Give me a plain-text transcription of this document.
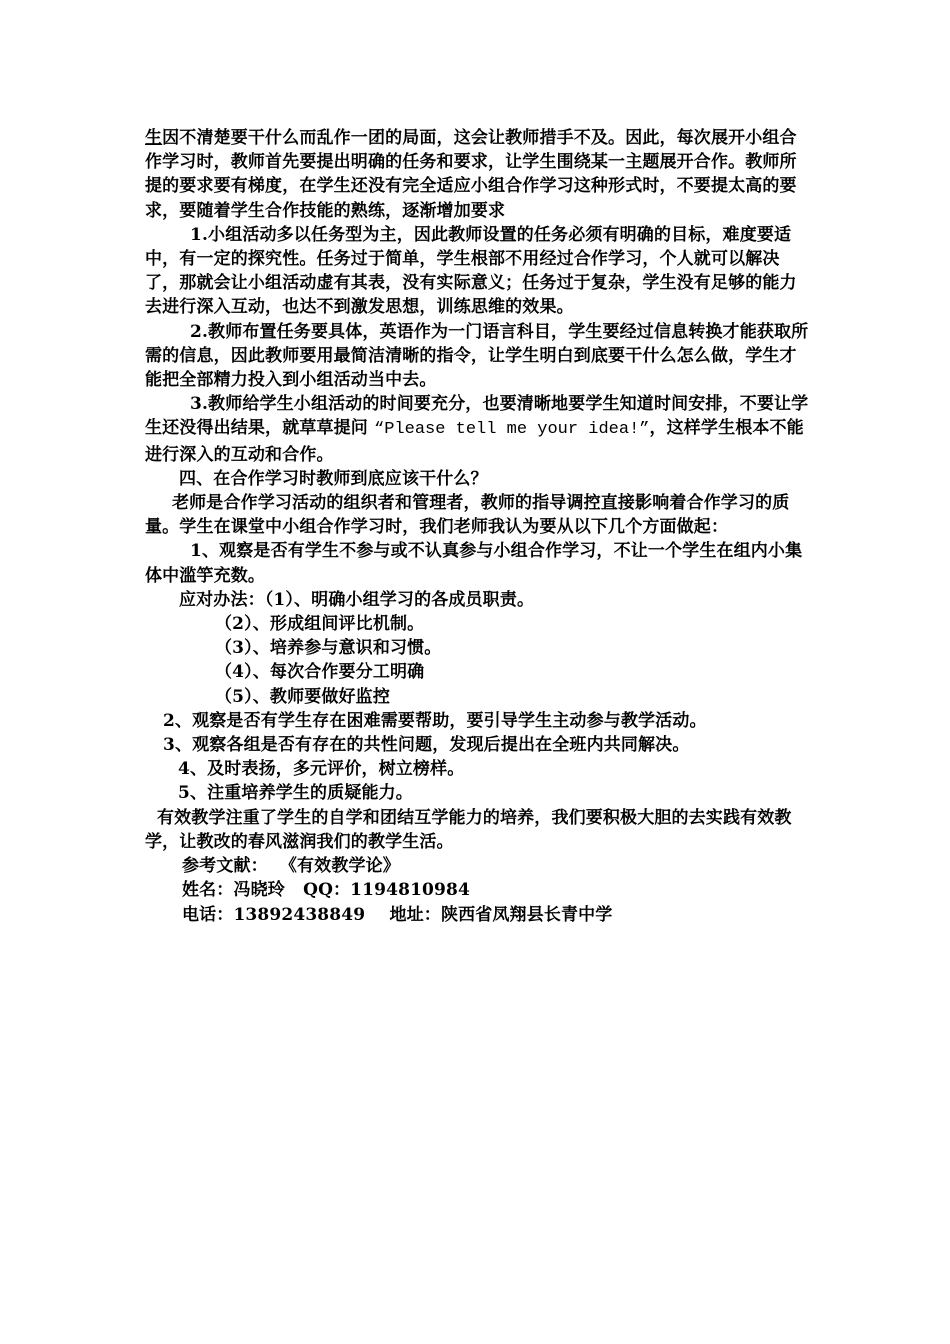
生因不清楚要干什么而乱作一团的局面，这会让教师措手不及。因此，每次展开小组合作学习时，教师首先要提出明确的任务和要求，让学生围绕某一主题展开合作。教师所提的要求要有梯度，在学生还没有完全适应小组合作学习这种形式时，不要提太高的要求，要随着学生合作技能的熟练，逐渐增加要求

1.小组活动多以任务型为主，因此教师设置的任务必须有明确的目标，难度要适中，有一定的探究性。任务过于简单，学生根部不用经过合作学习，个人就可以解决了，那就会让小组活动虚有其表，没有实际意义；任务过于复杂，学生没有足够的能力去进行深入互动，也达不到激发思想，训练思维的效果。

2.教师布置任务要具体，英语作为一门语言科目，学生要经过信息转换才能获取所需的信息，因此教师要用最简洁清晰的指令，让学生明白到底要干什么怎么做，学生才能把全部精力投入到小组活动当中去。

3.教师给学生小组活动的时间要充分，也要清晰地要学生知道时间安排，不要让学生还没得出结果，就草草提问 “Please tell me your idea!”，这样学生根本不能进行深入的互动和合作。

四、在合作学习时教师到底应该干什么？

老师是合作学习活动的组织者和管理者，教师的指导调控直接影响着合作学习的质量。学生在课堂中小组合作学习时，我们老师我认为要从以下几个方面做起：

1、观察是否有学生不参与或不认真参与小组合作学习，不让一个学生在组内小集体中滥竽充数。

应对办法：（1）、明确小组学习的各成员职责。

（2）、形成组间评比机制。

（3）、培养参与意识和习惯。

（4）、每次合作要分工明确

（5）、教师要做好监控

2、观察是否有学生存在困难需要帮助，要引导学生主动参与教学活动。

3、观察各组是否有存在的共性问题，发现后提出在全班内共同解决。

4、及时表扬，多元评价，树立榜样。

5、注重培养学生的质疑能力。

有效教学注重了学生的自学和团结互学能力的培养，我们要积极大胆的去实践有效教学，让教改的春风滋润我们的教学生活。

参考文献：  《有效教学论》

姓名：冯晓玲   QQ：1194810984

电话：13892438849    地址：陕西省凤翔县长青中学
